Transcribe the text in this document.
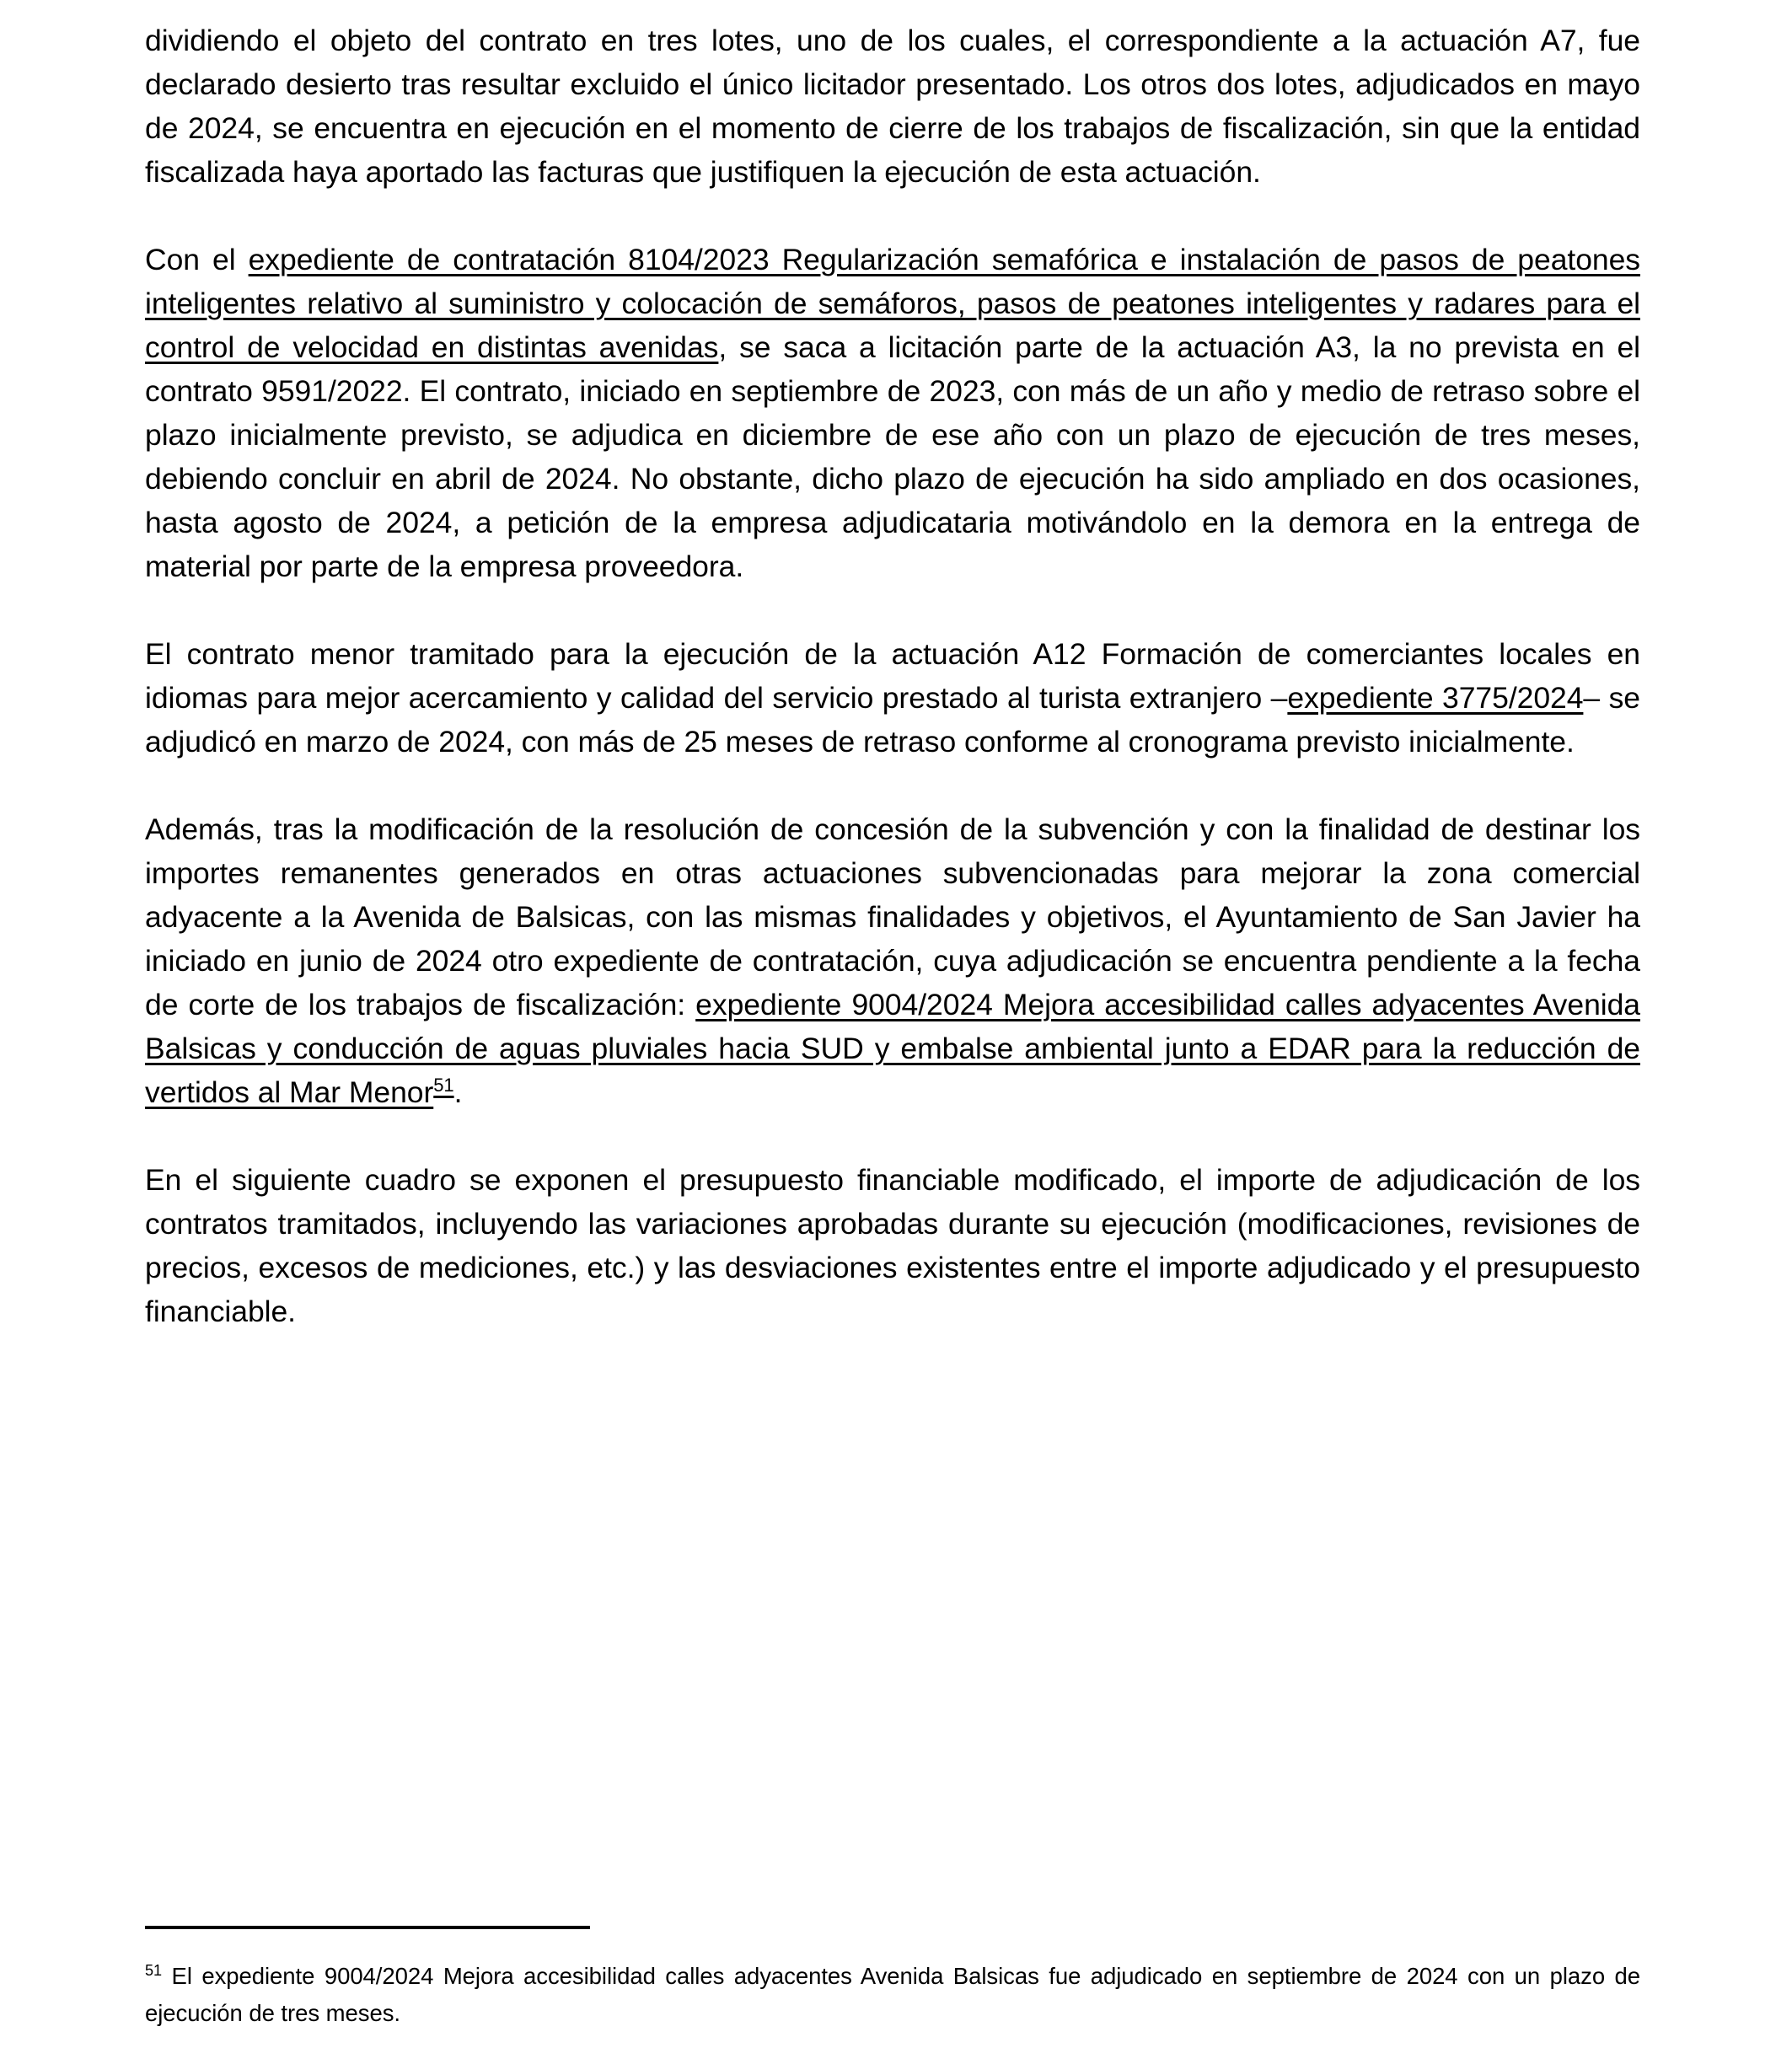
dividiendo el objeto del contrato en tres lotes, uno de los cuales, el correspondiente a la actuación A7, fue declarado desierto tras resultar excluido el único licitador presentado. Los otros dos lotes, adjudicados en mayo de 2024, se encuentra en ejecución en el momento de cierre de los trabajos de fiscalización, sin que la entidad fiscalizada haya aportado las facturas que justifiquen la ejecución de esta actuación.

Con el expediente de contratación 8104/2023 Regularización semafórica e instalación de pasos de peatones inteligentes relativo al suministro y colocación de semáforos, pasos de peatones inteligentes y radares para el control de velocidad en distintas avenidas, se saca a licitación parte de la actuación A3, la no prevista en el contrato 9591/2022. El contrato, iniciado en septiembre de 2023, con más de un año y medio de retraso sobre el plazo inicialmente previsto, se adjudica en diciembre de ese año con un plazo de ejecución de tres meses, debiendo concluir en abril de 2024. No obstante, dicho plazo de ejecución ha sido ampliado en dos ocasiones, hasta agosto de 2024, a petición de la empresa adjudicataria motivándolo en la demora en la entrega de material por parte de la empresa proveedora.

El contrato menor tramitado para la ejecución de la actuación A12 Formación de comerciantes locales en idiomas para mejor acercamiento y calidad del servicio prestado al turista extranjero –expediente 3775/2024– se adjudicó en marzo de 2024, con más de 25 meses de retraso conforme al cronograma previsto inicialmente.

Además, tras la modificación de la resolución de concesión de la subvención y con la finalidad de destinar los importes remanentes generados en otras actuaciones subvencionadas para mejorar la zona comercial adyacente a la Avenida de Balsicas, con las mismas finalidades y objetivos, el Ayuntamiento de San Javier ha iniciado en junio de 2024 otro expediente de contratación, cuya adjudicación se encuentra pendiente a la fecha de corte de los trabajos de fiscalización: expediente 9004/2024 Mejora accesibilidad calles adyacentes Avenida Balsicas y conducción de aguas pluviales hacia SUD y embalse ambiental junto a EDAR para la reducción de vertidos al Mar Menor$^{51}$.

En el siguiente cuadro se exponen el presupuesto financiable modificado, el importe de adjudicación de los contratos tramitados, incluyendo las variaciones aprobadas durante su ejecución (modificaciones, revisiones de precios, excesos de mediciones, etc.) y las desviaciones existentes entre el importe adjudicado y el presupuesto financiable.

$^{51}$ El expediente 9004/2024 Mejora accesibilidad calles adyacentes Avenida Balsicas fue adjudicado en septiembre de 2024 con un plazo de ejecución de tres meses.
